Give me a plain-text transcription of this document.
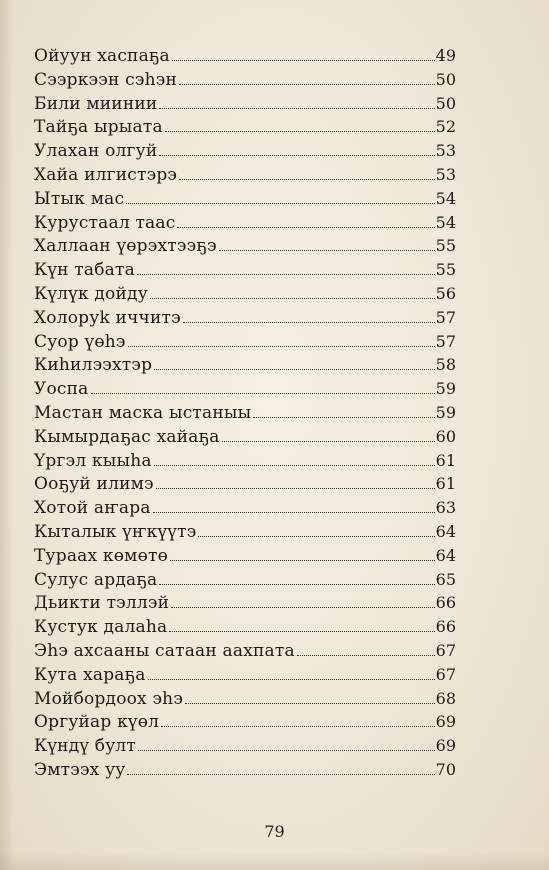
Ойуун хаспаҕа	49
Сээркээн сэһэн	50
Били миинии	50
Тайҕа ырыата	52
Улахан олгуй	53
Хайа илгистэрэ	53
Ытык мас	54
Курустаал таас	54
Халлаан үөрэхтээҕэ	55
Күн табата	55
Күлүк дойду	56
Холоруk иччитэ	57
Суор үөһэ	57
Киһилээхтэр	58
Уоспа	59
Мастан маска ыстаныы	59
Кымырдаҕас хайаҕа	60
Үргэл кыыһа	61
Ооҕуй илимэ	61
Хотой аҥара	63
Кыталык үҥкүүтэ	64
Тураах көмөтө	64
Сулус ардаҕа	65
Дьикти тэллэй	66
Кустук далаһа	66
Эһэ ахсааны сатаан аахпата	67
Кута хараҕа	67
Мойбордоох эһэ	68
Оргуйар күөл	69
Күндү булт	69
Эмтээх уу	70
79
